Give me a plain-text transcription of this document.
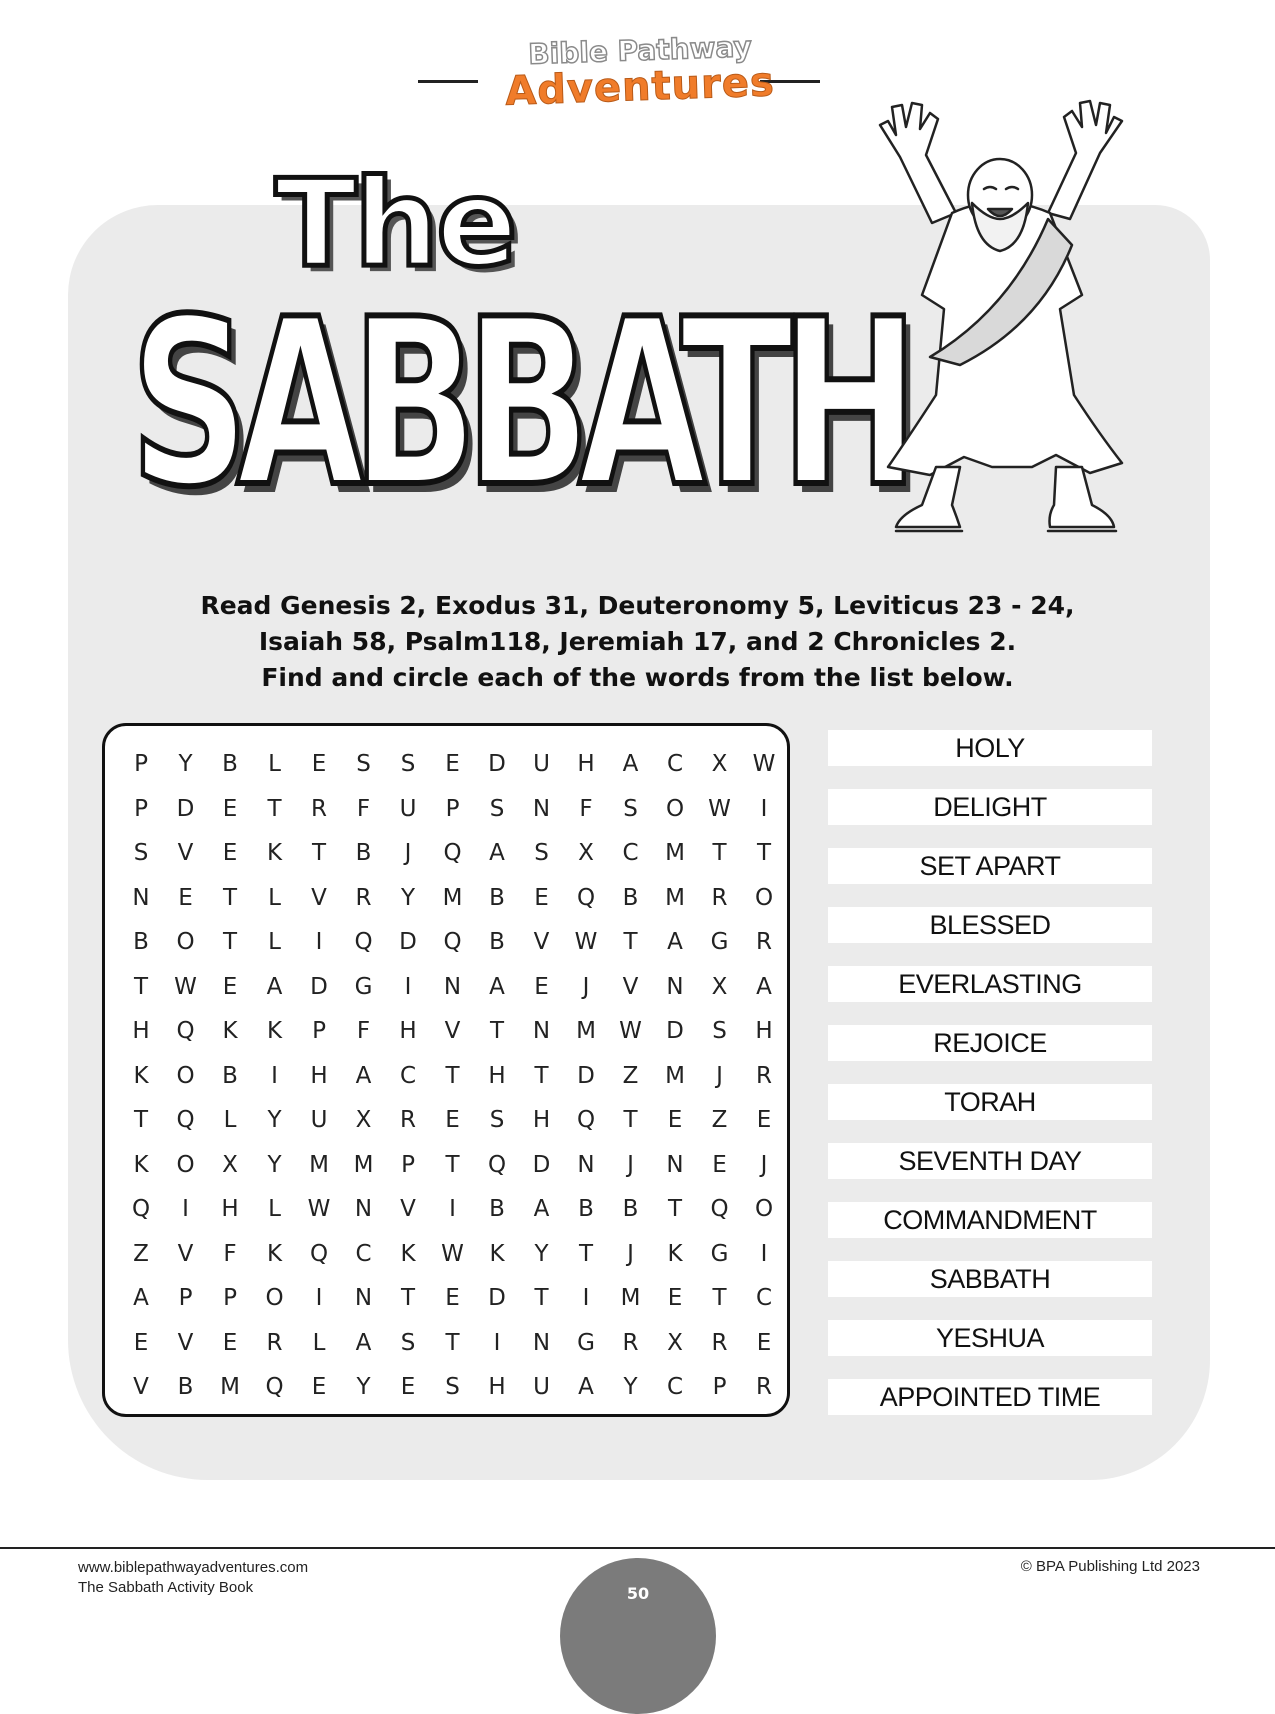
Bible Pathway
Adventures
The
SABBATH
Read Genesis 2, Exodus 31, Deuteronomy 5, Leviticus 23 - 24,
Isaiah 58, Psalm118, Jeremiah 17, and 2 Chronicles 2.
Find and circle each of the words from the list below.
P	Y	B	L	E	S	S	E	D	U	H	A	C	X	W
P	D	E	T	R	F	U	P	S	N	F	S	O	W	I
S	V	E	K	T	B	J	Q	A	S	X	C	M	T	T
N	E	T	L	V	R	Y	M	B	E	Q	B	M	R	O
B	O	T	L	I	Q	D	Q	B	V	W	T	A	G	R
T	W	E	A	D	G	I	N	A	E	J	V	N	X	A
H	Q	K	K	P	F	H	V	T	N	M	W	D	S	H
K	O	B	I	H	A	C	T	H	T	D	Z	M	J	R
T	Q	L	Y	U	X	R	E	S	H	Q	T	E	Z	E
K	O	X	Y	M	M	P	T	Q	D	N	J	N	E	J
Q	I	H	L	W	N	V	I	B	A	B	B	T	Q	O
Z	V	F	K	Q	C	K	W	K	Y	T	J	K	G	I
A	P	P	O	I	N	T	E	D	T	I	M	E	T	C
E	V	E	R	L	A	S	T	I	N	G	R	X	R	E
V	B	M	Q	E	Y	E	S	H	U	A	Y	C	P	R
HOLY
DELIGHT
SET APART
BLESSED
EVERLASTING
REJOICE
TORAH
SEVENTH DAY
COMMANDMENT
SABBATH
YESHUA
APPOINTED TIME
www.biblepathwayadventures.com
The Sabbath Activity Book
© BPA Publishing Ltd 2023
50
